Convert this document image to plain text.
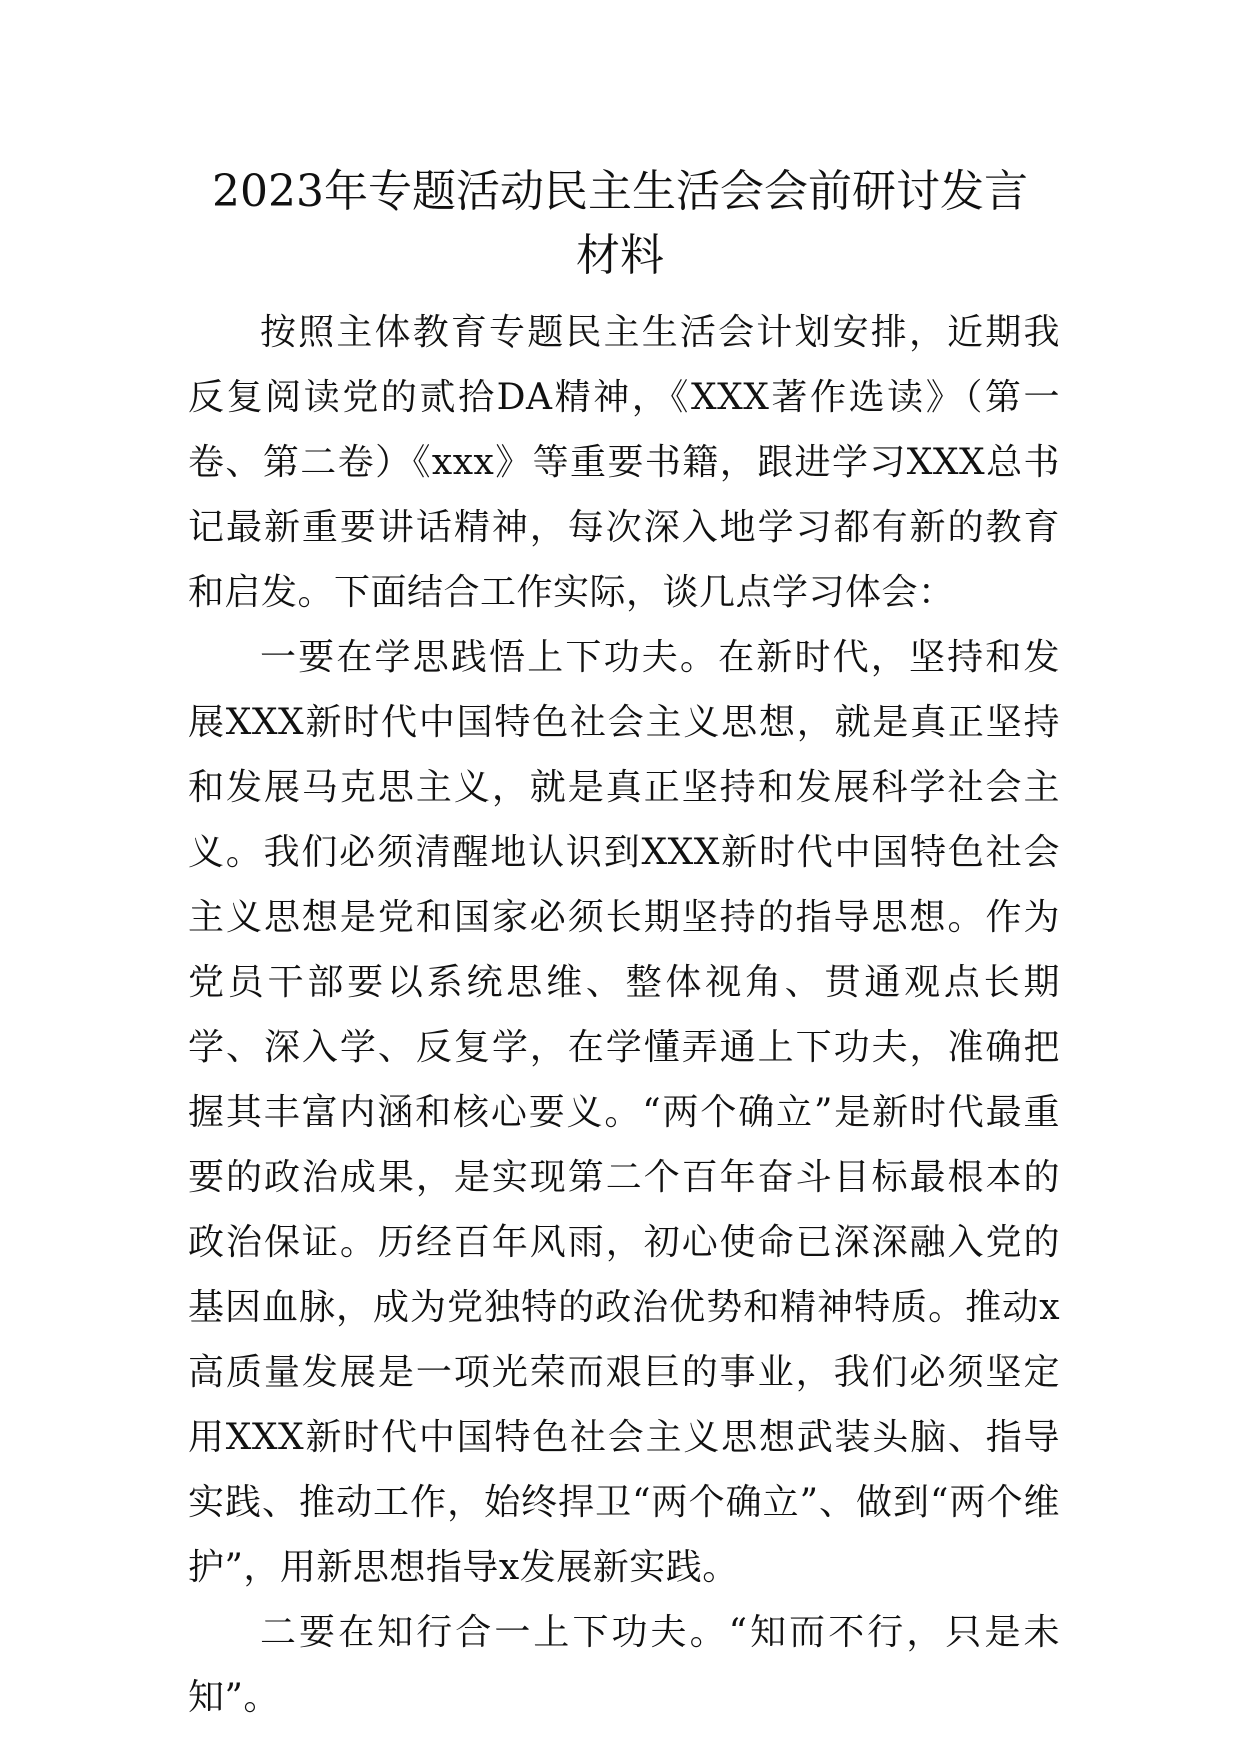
2023年专题活动民主生活会会前研讨发言
材料

按照主体教育专题民主生活会计划安排，近期我反复阅读党的贰拾DA精神，《XXX著作选读》（第一卷、第二卷）《xxx》等重要书籍，跟进学习XXX总书记最新重要讲话精神，每次深入地学习都有新的教育和启发。下面结合工作实际，谈几点学习体会：

一要在学思践悟上下功夫。在新时代，坚持和发展XXX新时代中国特色社会主义思想，就是真正坚持和发展马克思主义，就是真正坚持和发展科学社会主义。我们必须清醒地认识到XXX新时代中国特色社会主义思想是党和国家必须长期坚持的指导思想。作为党员干部要以系统思维、整体视角、贯通观点长期学、深入学、反复学，在学懂弄通上下功夫，准确把握其丰富内涵和核心要义。“两个确立”是新时代最重要的政治成果，是实现第二个百年奋斗目标最根本的政治保证。历经百年风雨，初心使命已深深融入党的基因血脉，成为党独特的政治优势和精神特质。推动x高质量发展是一项光荣而艰巨的事业，我们必须坚定用XXX新时代中国特色社会主义思想武装头脑、指导实践、推动工作，始终捍卫“两个确立”、做到“两个维护”，用新思想指导x发展新实践。

二要在知行合一上下功夫。“知而不行，只是未知”。
